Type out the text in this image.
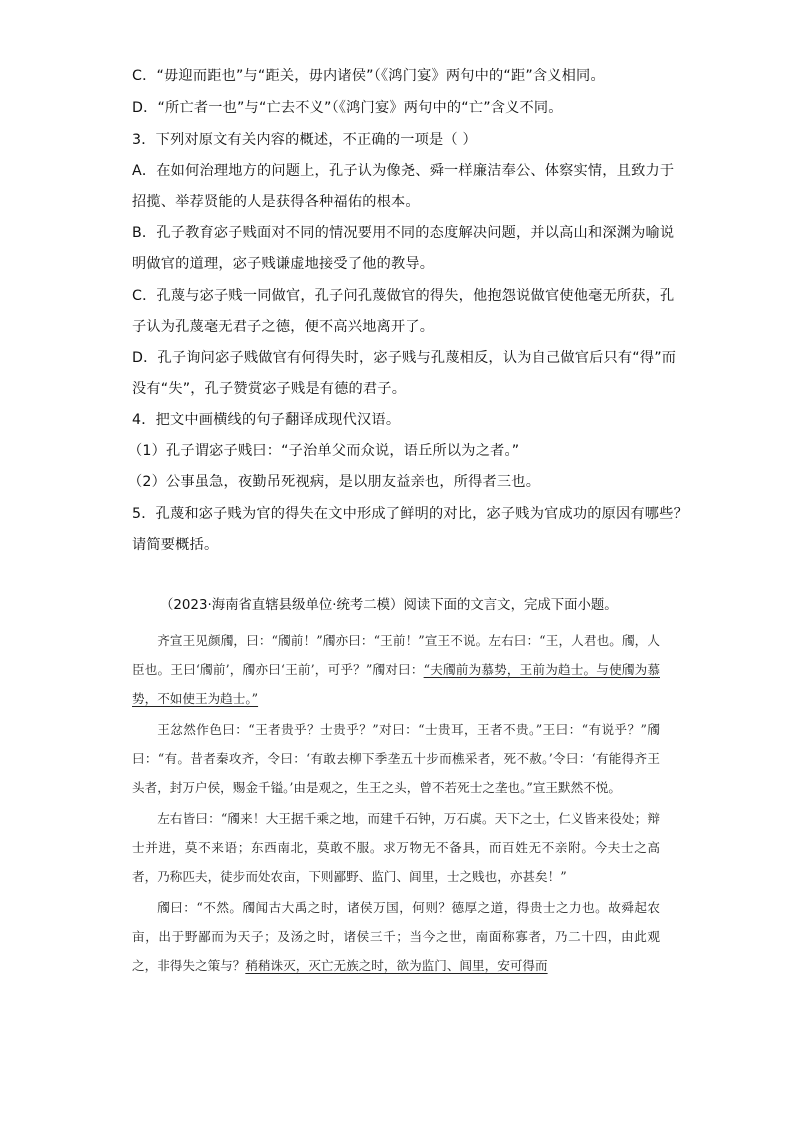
C．“毋迎而距也”与“距关，毋内诸侯”（《鸿门宴》两句中的“距”含义相同。
D．“所亡者一也”与“亡去不义”（《鸿门宴》两句中的“亡”含义不同。
3．下列对原文有关内容的概述，不正确的一项是（ ）
A．在如何治理地方的问题上，孔子认为像尧、舜一样廉洁奉公、体察实情，且致力于
招揽、举荐贤能的人是获得各种福佑的根本。
B．孔子教育宓子贱面对不同的情况要用不同的态度解决问题，并以高山和深渊为喻说
明做官的道理，宓子贱谦虚地接受了他的教导。
C．孔蔑与宓子贱一同做官，孔子问孔蔑做官的得失，他抱怨说做官使他毫无所获，孔
子认为孔蔑毫无君子之德，便不高兴地离开了。
D．孔子询问宓子贱做官有何得失时，宓子贱与孔蔑相反，认为自己做官后只有“得”而
没有“失”，孔子赞赏宓子贱是有德的君子。
4．把文中画横线的句子翻译成现代汉语。
（1）孔子谓宓子贱曰：“子治单父而众说，语丘所以为之者。”
（2）公事虽急，夜勤吊死视病，是以朋友益亲也，所得者三也。
5．孔蔑和宓子贱为官的得失在文中形成了鲜明的对比，宓子贱为官成功的原因有哪些？
请简要概括。
（2023·海南省直辖县级单位·统考二模）阅读下面的文言文，完成下面小题。

齐宣王见颜斶，曰：“斶前！”斶亦曰：“王前！”宣王不说。左右曰：“王，人君也。斶，人臣也。王曰‘斶前’，斶亦曰‘王前’，可乎？”斶对曰：“夫斶前为慕势，王前为趋士。与使斶为慕势，不如使王为趋士。”

王忿然作色曰：“王者贵乎？士贵乎？”对曰：“士贵耳，王者不贵。”王曰：“有说乎？”斶曰：“有。昔者秦攻齐，令曰：‘有敢去柳下季垄五十步而樵采者，死不赦。’令曰：‘有能得齐王头者，封万户侯，赐金千镒。’由是观之，生王之头，曾不若死士之垄也。”宣王默然不悦。

左右皆曰：“斶来！大王据千乘之地，而建千石钟，万石虡。天下之士，仁义皆来役处；辩士并进，莫不来语；东西南北，莫敢不服。求万物无不备具，而百姓无不亲附。今夫士之高者，乃称匹夫，徒步而处农亩，下则鄙野、监门、闾里，士之贱也，亦甚矣！”

斶曰：“不然。斶闻古大禹之时，诸侯万国，何则？德厚之道，得贵士之力也。故舜起农亩，出于野鄙而为天子；及汤之时，诸侯三千；当今之世，南面称寡者，乃二十四，由此观之，非得失之策与？稍稍诛灭，灭亡无族之时，欲为监门、闾里，安可得而
